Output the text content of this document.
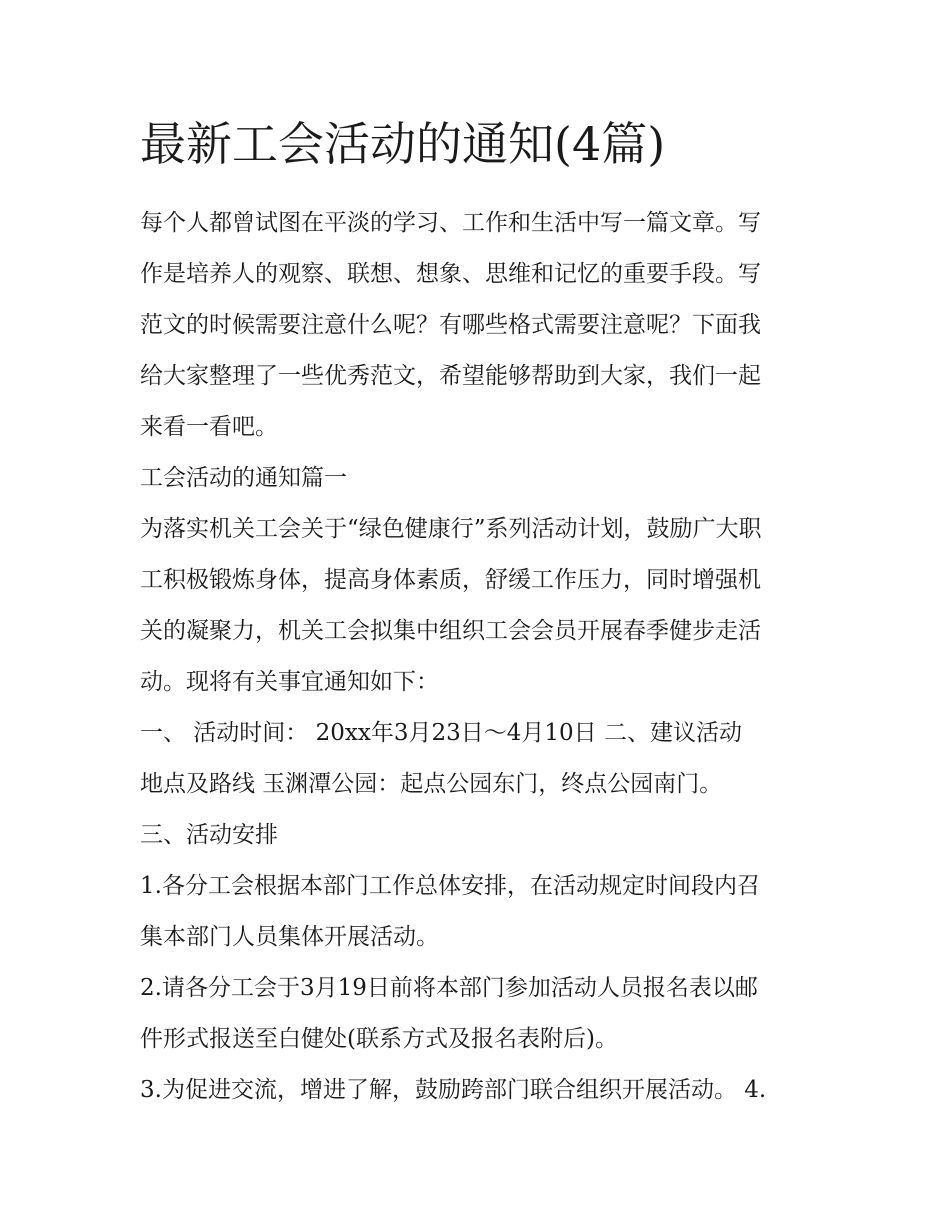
最新工会活动的通知(4篇)
每个人都曾试图在平淡的学习、工作和生活中写一篇文章。写
作是培养人的观察、联想、想象、思维和记忆的重要手段。写
范文的时候需要注意什么呢？有哪些格式需要注意呢？下面我
给大家整理了一些优秀范文，希望能够帮助到大家，我们一起
来看一看吧。
工会活动的通知篇一
为落实机关工会关于“绿色健康行”系列活动计划，鼓励广大职
工积极锻炼身体，提高身体素质，舒缓工作压力，同时增强机
关的凝聚力，机关工会拟集中组织工会会员开展春季健步走活
动。现将有关事宜通知如下：
一、 活动时间： 20xx年3月23日～4月10日 二、建议活动
地点及路线 玉渊潭公园：起点公园东门，终点公园南门。
三、活动安排
1.各分工会根据本部门工作总体安排，在活动规定时间段内召
集本部门人员集体开展活动。
2.请各分工会于3月19日前将本部门参加活动人员报名表以邮
件形式报送至白健处(联系方式及报名表附后)。
3.为促进交流，增进了解，鼓励跨部门联合组织开展活动。 4.
